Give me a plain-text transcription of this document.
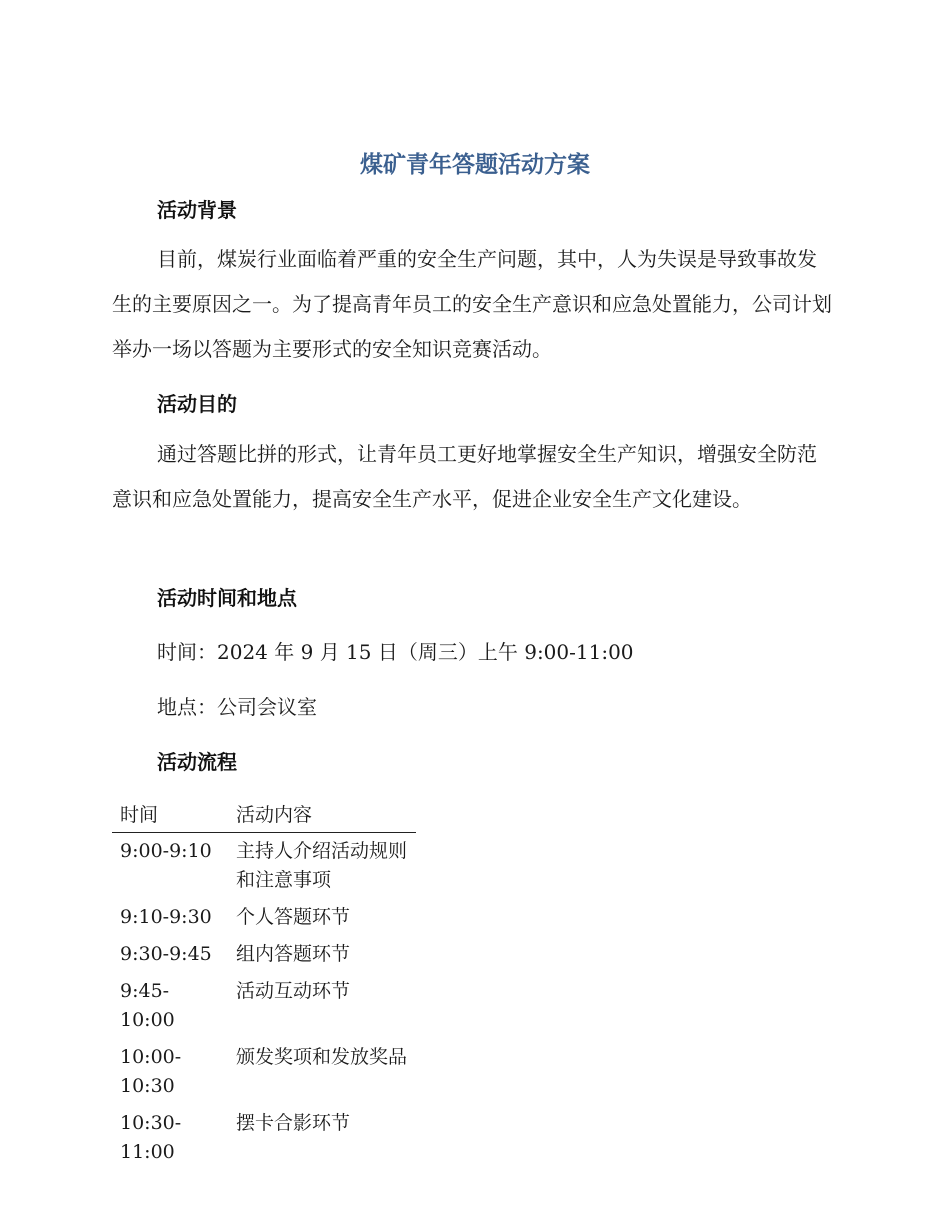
煤矿青年答题活动方案
活动背景

目前，煤炭行业面临着严重的安全生产问题，其中，人为失误是导致事故发生的主要原因之一。为了提高青年员工的安全生产意识和应急处置能力，公司计划举办一场以答题为主要形式的安全知识竞赛活动。

活动目的

通过答题比拼的形式，让青年员工更好地掌握安全生产知识，增强安全防范意识和应急处置能力，提高安全生产水平，促进企业安全生产文化建设。

活动时间和地点
时间：2024 年 9 月 15 日（周三）上午 9:00-11:00
地点：公司会议室
活动流程
时间	活动内容
9:00-9:10	主持人介绍活动规则和注意事项
9:10-9:30	个人答题环节
9:30-9:45	组内答题环节
9:45-10:00	活动互动环节
10:00-10:30	颁发奖项和发放奖品
10:30-11:00	摆卡合影环节
